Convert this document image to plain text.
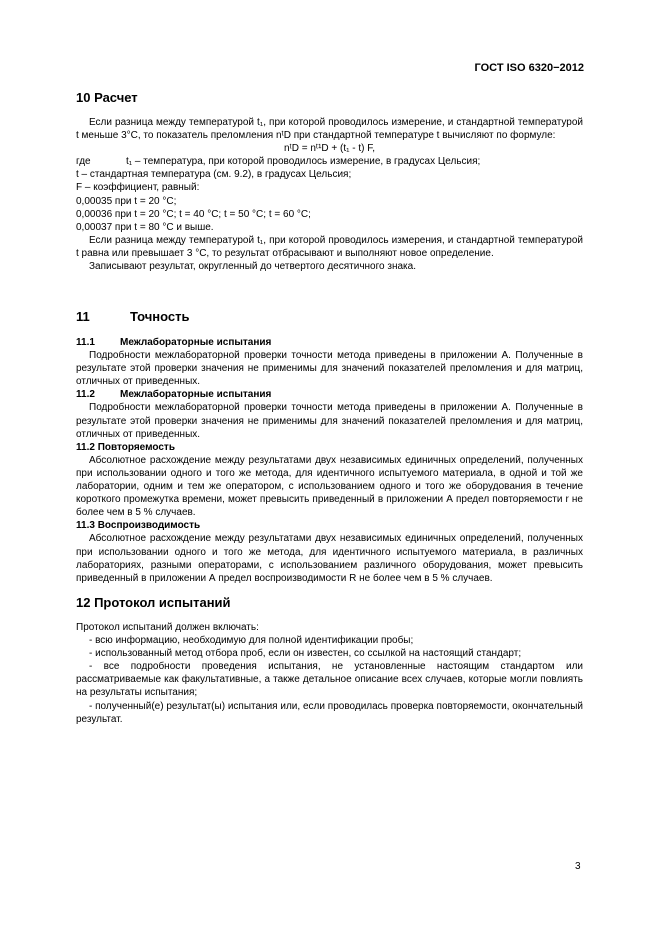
ГОСТ ISO 6320−2012
10 Расчет

Если разница между температурой t₁, при которой проводилось измерение, и стандартной температурой t меньше 3°C, то показатель преломления nᵗD при стандартной температуре t вычисляют по формуле:

nᵗD = nᵗ¹D + (t₁ - t) F,

где	t₁ – температура, при которой проводилось измерение, в градусах Цельсия;

t – стандартная температура (см. 9.2), в градусах Цельсия;

F – коэффициент, равный:

0,00035 при t = 20 °C;

0,00036 при t = 20 °C; t = 40 °C; t = 50 °C; t = 60 °C;

0,00037 при t = 80 °C и выше.

Если разница между температурой t₁, при которой проводилось измерения, и стандартной температурой t равна или превышает 3 °C, то результат отбрасывают и выполняют новое определение.

Записывают результат, округленный до четвертого десятичного знака.

11	Точность

11.1	Межлабораторные испытания

Подробности межлабораторной проверки точности метода приведены в приложении А. Полученные в результате этой проверки значения не применимы для значений показателей преломления и для матриц, отличных от приведенных.

11.2	Межлабораторные испытания

Подробности межлабораторной проверки точности метода приведены в приложении А. Полученные в результате этой проверки значения не применимы для значений показателей преломления и для матриц, отличных от приведенных.

11.2 Повторяемость

Абсолютное расхождение между результатами двух независимых единичных определений, полученных при использовании одного и того же метода, для идентичного испытуемого материала, в одной и той же лаборатории, одним и тем же оператором, с использованием одного и того же оборудования в течение короткого промежутка времени, может превысить приведенный в приложении А предел повторяемости r не более чем в 5 % случаев.

11.3 Воспроизводимость

Абсолютное расхождение между результатами двух независимых единичных определений, полученных при использовании одного и того же метода, для идентичного испытуемого материала, в различных лабораториях, разными операторами, с использованием различного оборудования, может превысить приведенный в приложении А предел воспроизводимости R не более чем в 5 % случаев.

12 Протокол испытаний

Протокол испытаний должен включать:

- всю информацию, необходимую для полной идентификации пробы;

- использованный метод отбора проб, если он известен, со ссылкой на настоящий стандарт;

- все подробности проведения испытания, не установленные настоящим стандартом или рассматриваемые как факультативные, а также детальное описание всех случаев, которые могли повлиять на результаты испытания;

- полученный(е) результат(ы) испытания или, если проводилась проверка повторяемости, окончательный результат.

3
